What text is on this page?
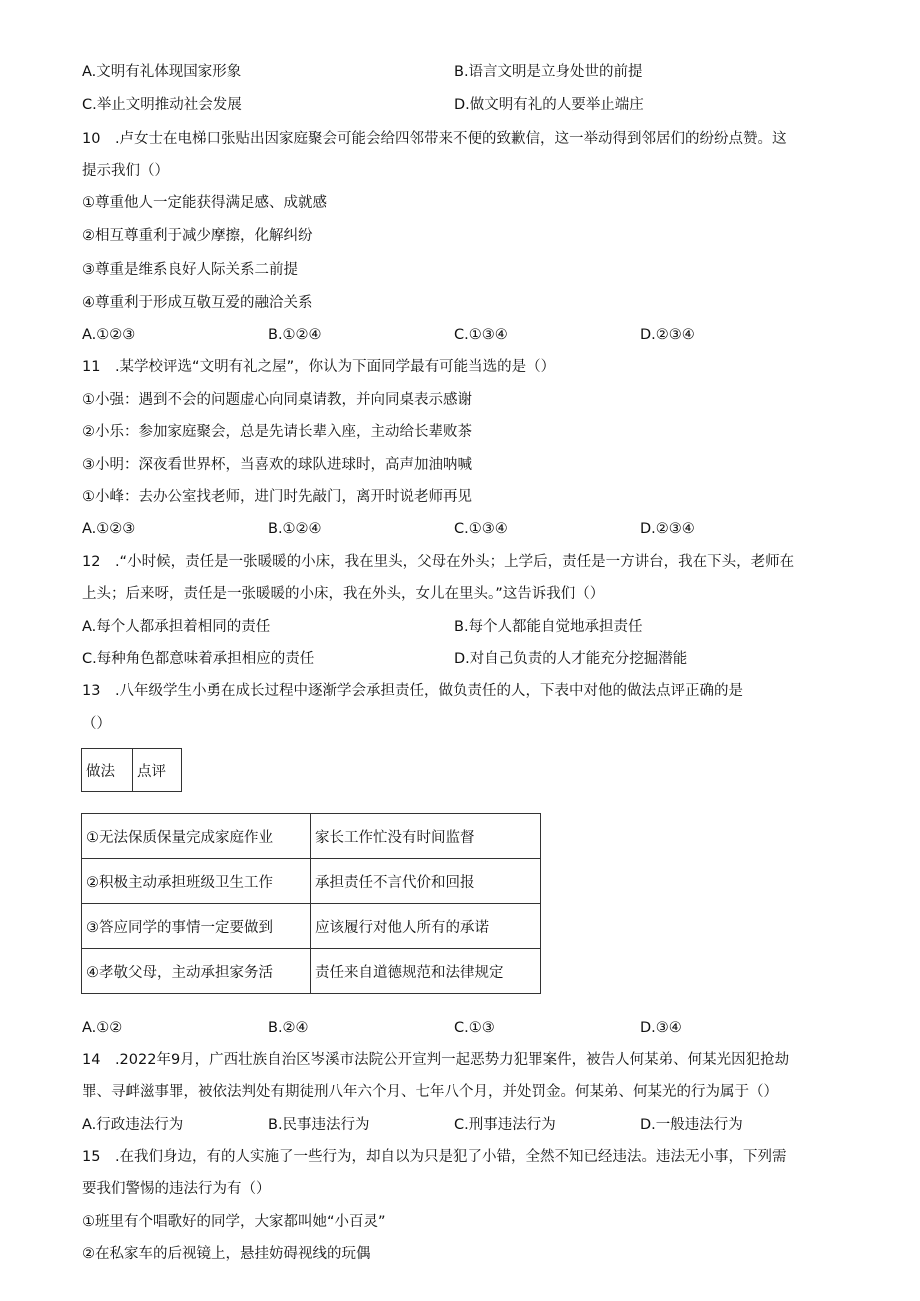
A.文明有礼体现国家形象	B.语言文明是立身处世的前提
C.举止文明推动社会发展	D.做文明有礼的人要举止端庄
10　.卢女士在电梯口张贴出因家庭聚会可能会给四邻带来不便的致歉信，这一举动得到邻居们的纷纷点赞。这
提示我们（）
①尊重他人一定能获得满足感、成就感
②相互尊重利于减少摩擦，化解纠纷
③尊重是维系良好人际关系二前提
④尊重利于形成互敬互爱的融洽关系
A.①②③	B.①②④	C.①③④	D.②③④
11　.某学校评选“文明有礼之屋”，你认为下面同学最有可能当选的是（）
①小强：遇到不会的问题虚心向同桌请教，并向同桌表示感谢
②小乐：参加家庭聚会，总是先请长辈入座，主动给长辈败茶
③小明：深夜看世界杯，当喜欢的球队进球时，高声加油呐喊
①小峰：去办公室找老师，进门时先敲门，离开时说老师再见
A.①②③	B.①②④	C.①③④	D.②③④
12　.“小时候，责任是一张暖暖的小床，我在里头，父母在外头；上学后，责任是一方讲台，我在下头，老师在
上头；后来呀，责任是一张暖暖的小床，我在外头，女儿在里头。”这告诉我们（）
A.每个人都承担着相同的责任	B.每个人都能自觉地承担责任
C.每种角色都意味着承担相应的责任	D.对自己负责的人才能充分挖掘潜能
13　.八年级学生小勇在成长过程中逐渐学会承担责任，做负责任的人，下表中对他的做法点评正确的是
（）
做法	点评
①无法保质保量完成家庭作业	家长工作忙没有时间监督
②积极主动承担班级卫生工作	承担责任不言代价和回报
③答应同学的事情一定要做到	应该履行对他人所有的承诺
④孝敬父母，主动承担家务活	责任来自道德规范和法律规定
A.①②	B.②④	C.①③	D.③④
14　.2022年9月，广西壮族自治区岑溪市法院公开宣判一起恶势力犯罪案件，被告人何某弟、何某光因犯抢劫
罪、寻衅滋事罪，被依法判处有期徒刑八年六个月、七年八个月，并处罚金。何某弟、何某光的行为属于（）
A.行政违法行为	B.民事违法行为	C.刑事违法行为	D.一般违法行为
15　.在我们身边，有的人实施了一些行为，却自以为只是犯了小错，全然不知已经违法。违法无小事，下列需
要我们警惕的违法行为有（）
①班里有个唱歌好的同学，大家都叫她“小百灵”
②在私家车的后视镜上，悬挂妨碍视线的玩偶
